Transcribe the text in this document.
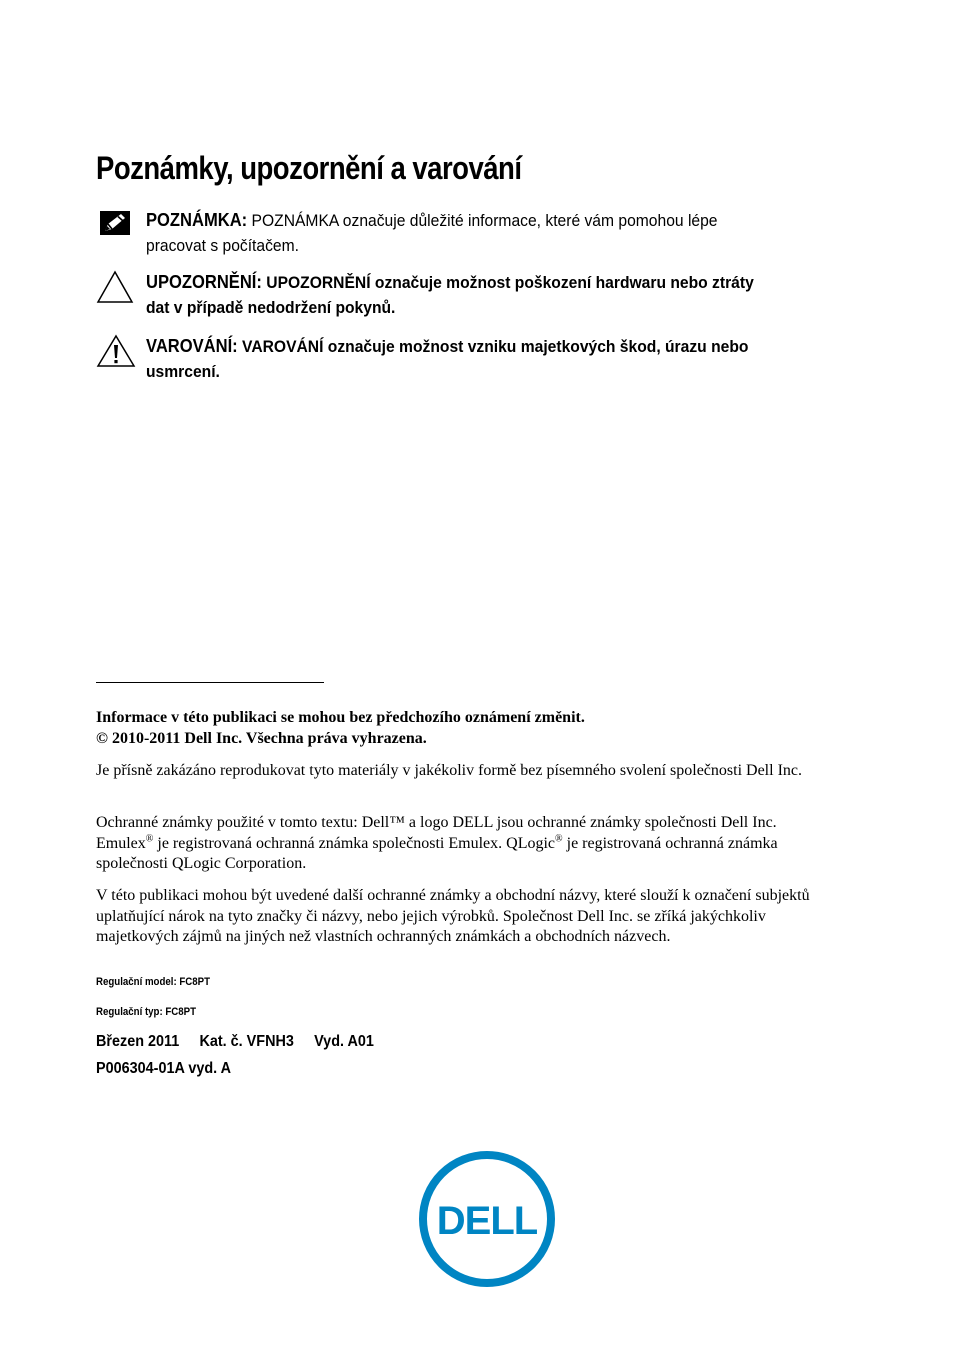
Poznámky, upozornění a varování
POZNÁMKA: POZNÁMKA označuje důležité informace, které vám pomohou lépe pracovat s počítačem.
UPOZORNĚNÍ: UPOZORNĚNÍ označuje možnost poškození hardwaru nebo ztráty dat v případě nedodržení pokynů.
VAROVÁNÍ: VAROVÁNÍ označuje možnost vzniku majetkových škod, úrazu nebo usmrcení.
Informace v této publikaci se mohou bez předchozího oznámení změnit.
© 2010-2011 Dell Inc. Všechna práva vyhrazena.
Je přísně zakázáno reprodukovat tyto materiály v jakékoliv formě bez písemného svolení společnosti Dell Inc.
Ochranné známky použité v tomto textu: Dell™ a logo DELL jsou ochranné známky společnosti Dell Inc. Emulex® je registrovaná ochranná známka společnosti Emulex. QLogic® je registrovaná ochranná známka společnosti QLogic Corporation.
V této publikaci mohou být uvedené další ochranné známky a obchodní názvy, které slouží k označení subjektů uplatňující nárok na tyto značky či názvy, nebo jejich výrobků. Společnost Dell Inc. se zříká jakýchkoliv majetkových zájmů na jiných než vlastních ochranných známkách a obchodních názvech.
Regulační model: FC8PT
Regulační typ: FC8PT
Březen 2011 Kat. č. VFNH3 Vyd. A01
P006304-01A vyd. A
DELL
